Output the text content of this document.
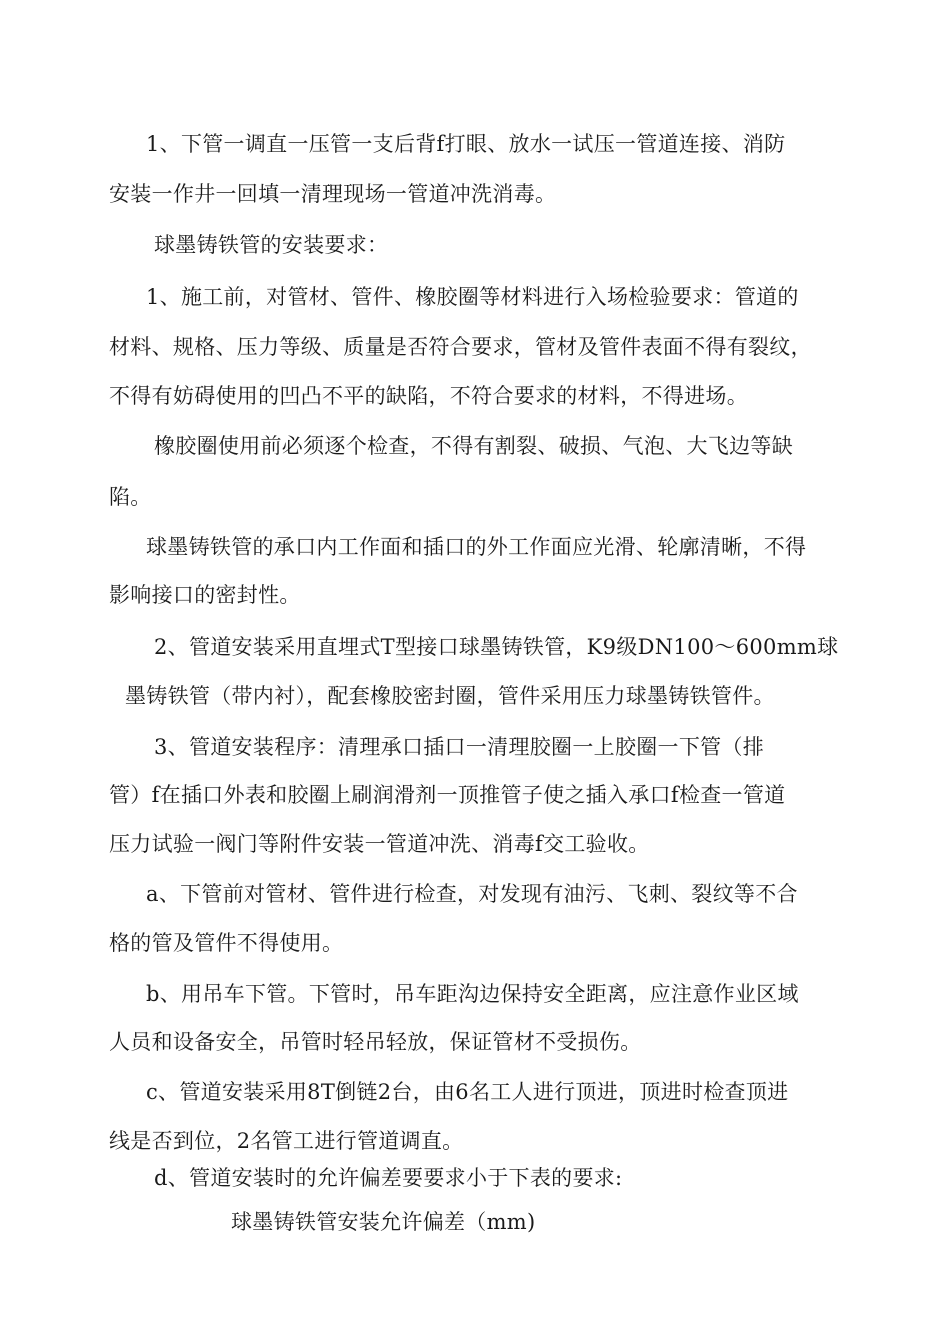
1、下管一调直一压管一支后背f打眼、放水一试压一管道连接、消防
安装一作井一回填一清理现场一管道冲洗消毒。
球墨铸铁管的安装要求：
1、施工前，对管材、管件、橡胶圈等材料进行入场检验要求：管道的
材料、规格、压力等级、质量是否符合要求，管材及管件表面不得有裂纹，
不得有妨碍使用的凹凸不平的缺陷，不符合要求的材料，不得进场。
橡胶圈使用前必须逐个检查，不得有割裂、破损、气泡、大飞边等缺
陷。
球墨铸铁管的承口内工作面和插口的外工作面应光滑、轮廓清晰，不得
影响接口的密封性。
2、管道安装采用直埋式T型接口球墨铸铁管，K9级DN100〜600mm球
墨铸铁管（带内衬），配套橡胶密封圈，管件采用压力球墨铸铁管件。
3、管道安装程序：清理承口插口一清理胶圈一上胶圈一下管（排
管）f在插口外表和胶圈上刷润滑剂一顶推管子使之插入承口f检查一管道
压力试验一阀门等附件安装一管道冲洗、消毒f交工验收。
a、下管前对管材、管件进行检查，对发现有油污、飞刺、裂纹等不合
格的管及管件不得使用。
b、用吊车下管。下管时，吊车距沟边保持安全距离，应注意作业区域
人员和设备安全，吊管时轻吊轻放，保证管材不受损伤。
c、管道安装采用8T倒链2台，由6名工人进行顶进，顶进时检查顶进
线是否到位，2名管工进行管道调直。
d、管道安装时的允许偏差要要求小于下表的要求:
球墨铸铁管安装允许偏差（mm)
